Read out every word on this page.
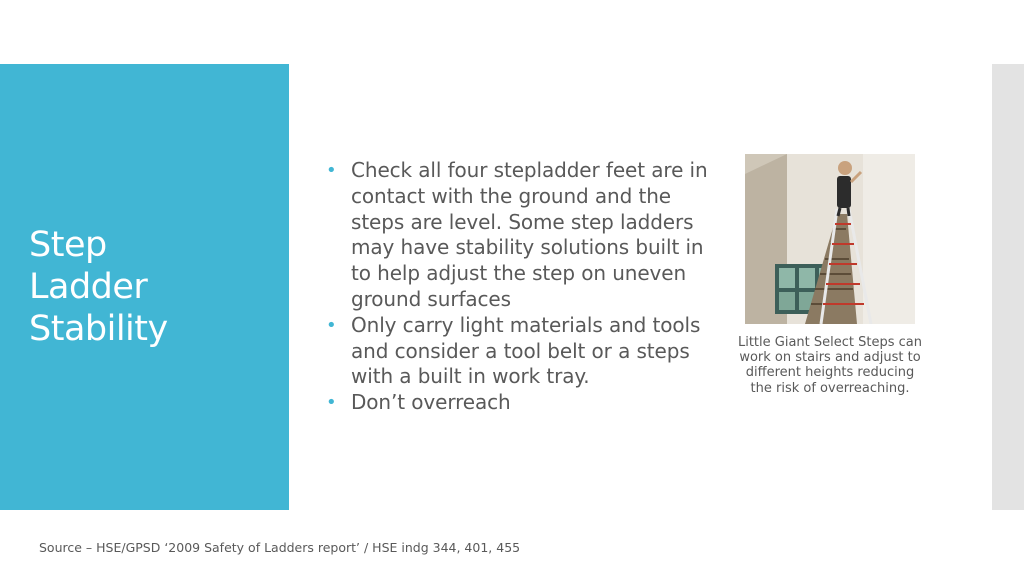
Step
Ladder
Stability
• Check all four stepladder feet are in contact with the ground and the steps are level. Some step ladders may have stability solutions built in to help adjust the step on uneven ground surfaces
• Only carry light materials and tools and consider a tool belt or a steps with a built in work tray.
• Don’t overreach
Little Giant Select Steps can work on stairs and adjust to different heights reducing the risk of overreaching.
Source – HSE/GPSD ‘2009 Safety of Ladders report’ / HSE indg 344, 401, 455
